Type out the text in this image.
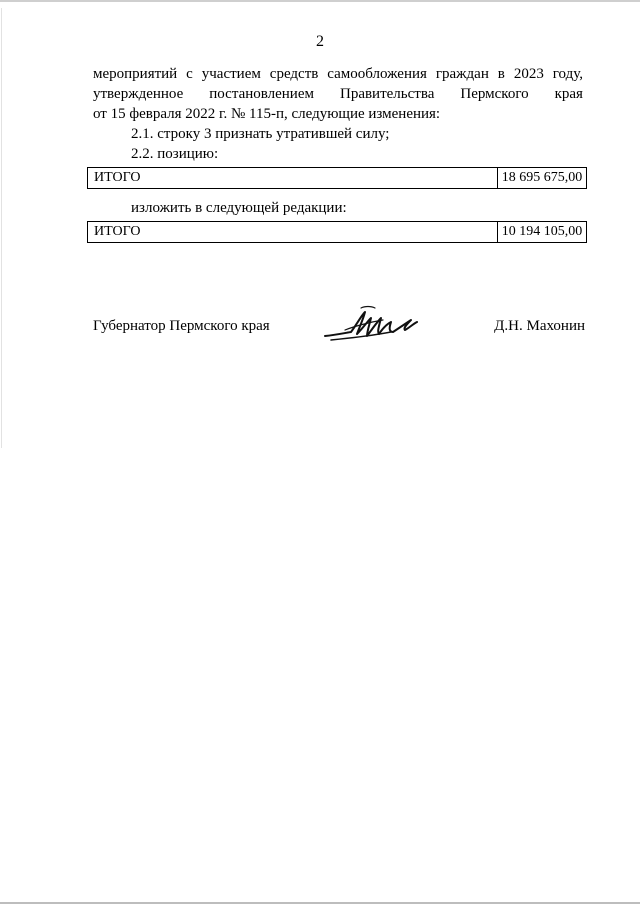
2
мероприятий с участием средств самообложения граждан в 2023 году,
утвержденное постановлением Правительства Пермского края
от 15 февраля 2022 г. № 115-п, следующие изменения:
2.1. строку 3 признать утратившей силу;
2.2. позицию:
ИТОГО	18 695 675,00
изложить в следующей редакции:
ИТОГО	10 194 105,00
Губернатор Пермского края	Д.Н. Махонин
